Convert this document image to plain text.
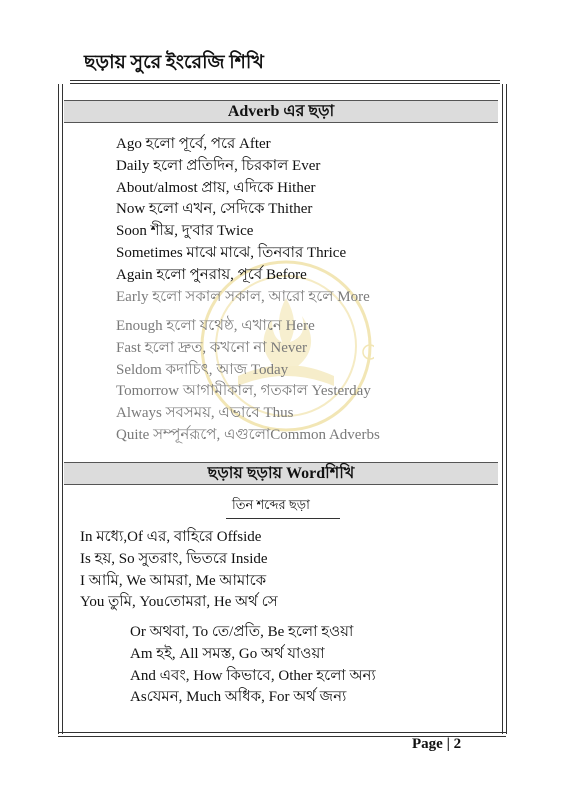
ছড়ায় সুরে ইংরেজি শিখি
Adverb এর ছড়া
Ago হলো পূর্বে, পরে After
Daily হলো প্রতিদিন, চিরকাল Ever
About/almost প্রায়, এদিকে Hither
Now হলো এখন, সেদিকে Thither
Soon শীঘ্র, দু'বার Twice
Sometimes মাঝে মাঝে, তিনবার Thrice
Again হলো পুনরায়, পূর্বে Before
Early হলো সকাল সকাল, আরো হলে More
Enough হলো যথেষ্ঠ, এখানে Here
Fast হলো দ্রুত, কখনো না Never
Seldom কদাচিৎ, আজ Today
Tomorrow আগামীকাল, গতকাল Yesterday
Always সবসময়, এভাবে Thus
Quite সম্পূর্নরূপে, এগুলোCommon Adverbs
ছড়ায় ছড়ায় Wordশিখি
তিন শব্দের ছড়া
In মধ্যে,Of এর, বাহিরে Offside
Is হয়, So সুতরাং, ভিতরে Inside
I আমি, We আমরা, Me আমাকে
You তুমি, Youতোমরা, He অর্থ সে
Or অথবা, To তে/প্রতি, Be হলো হওয়া
Am হই, All সমস্ত, Go অর্থ যাওয়া
And এবং, How কিভাবে, Other হলো অন্য
Asযেমন, Much অধিক, For অর্থ জন্য
Page | 2
